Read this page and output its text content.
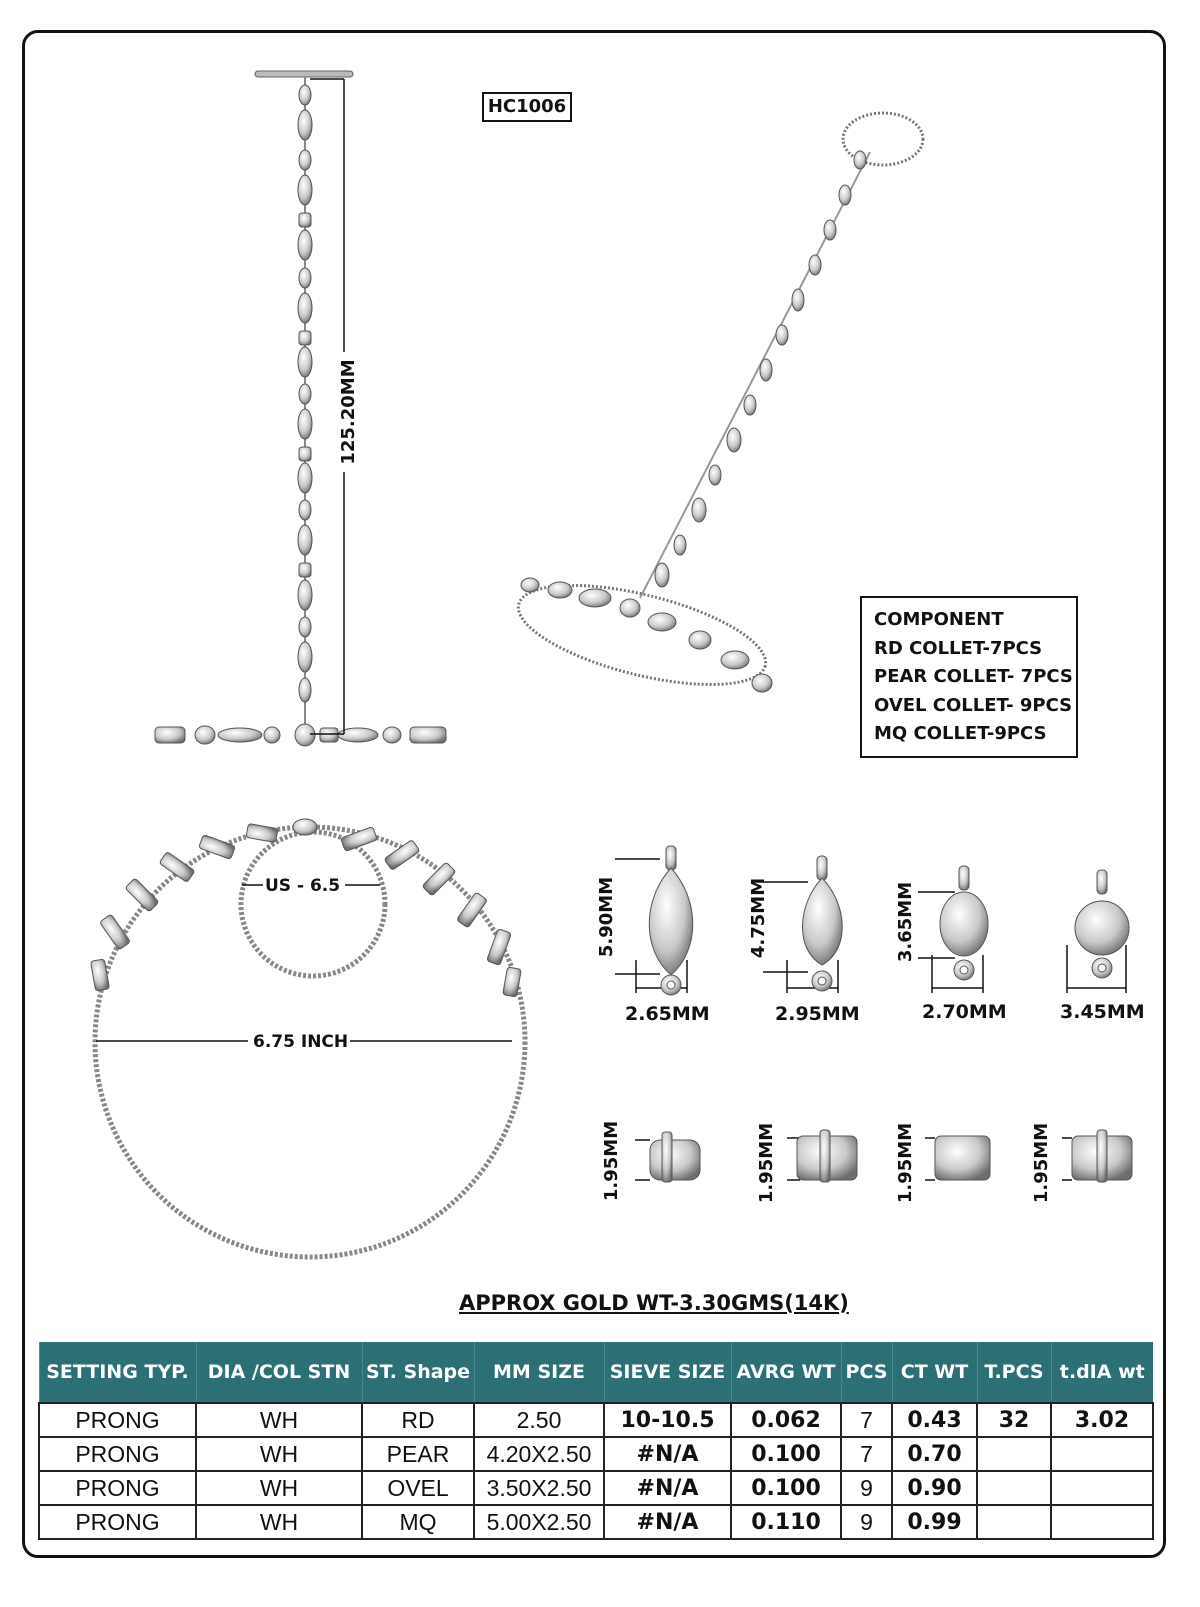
HC1006
125.20MM
COMPONENT
RD COLLET-7PCS
PEAR COLLET- 7PCS
OVEL COLLET- 9PCS
MQ COLLET-9PCS
US - 6.5
6.75 INCH
5.90MM
2.65MM
4.75MM
2.95MM
3.65MM
2.70MM	3.45MM
1.95MM	1.95MM	1.95MM	1.95MM
APPROX GOLD WT-3.30GMS(14K)
SETTING TYP.	DIA /COL STN	ST. Shape	MM SIZE	SIEVE SIZE	AVRG WT	PCS	CT WT	T.PCS	t.dIA wt
PRONG	WH	RD	2.50	10-10.5	0.062	7	0.43	32	3.02
PRONG	WH	PEAR	4.20X2.50	#N/A	0.100	7	0.70		
PRONG	WH	OVEL	3.50X2.50	#N/A	0.100	9	0.90		
PRONG	WH	MQ	5.00X2.50	#N/A	0.110	9	0.99		
